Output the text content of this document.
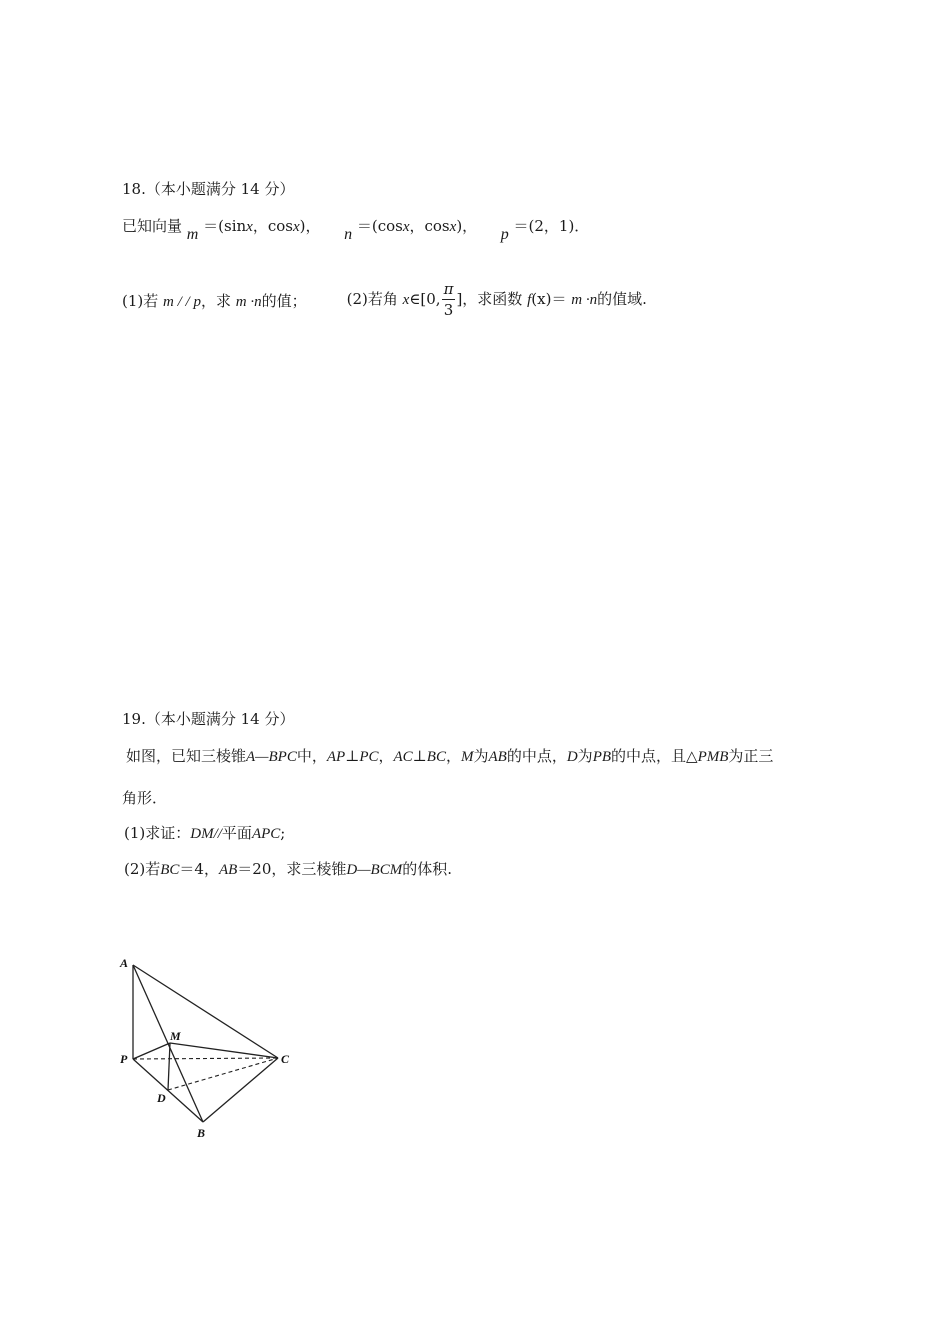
18.（本小题满分 14 分）
已知向量 m ＝(sinx，cosx)， n ＝(cosx，cosx)， p ＝(2，1)．
(1)若 m / / p，求 m ·n的值；	(2)若角 x∈[0, $\frac{\pi}{3}$ ]，求函数 f(x)＝ m ·n的值域.
19.（本小题满分 14 分）
如图，已知三棱锥A—BPC中，AP⊥PC，AC⊥BC，M为AB的中点，D为PB的中点，且△PMB为正三
角形．
(1)求证：DM//平面APC;
(2)若BC＝4，AB＝20，求三棱锥D—BCM的体积.
A
M
P	C
D
B
